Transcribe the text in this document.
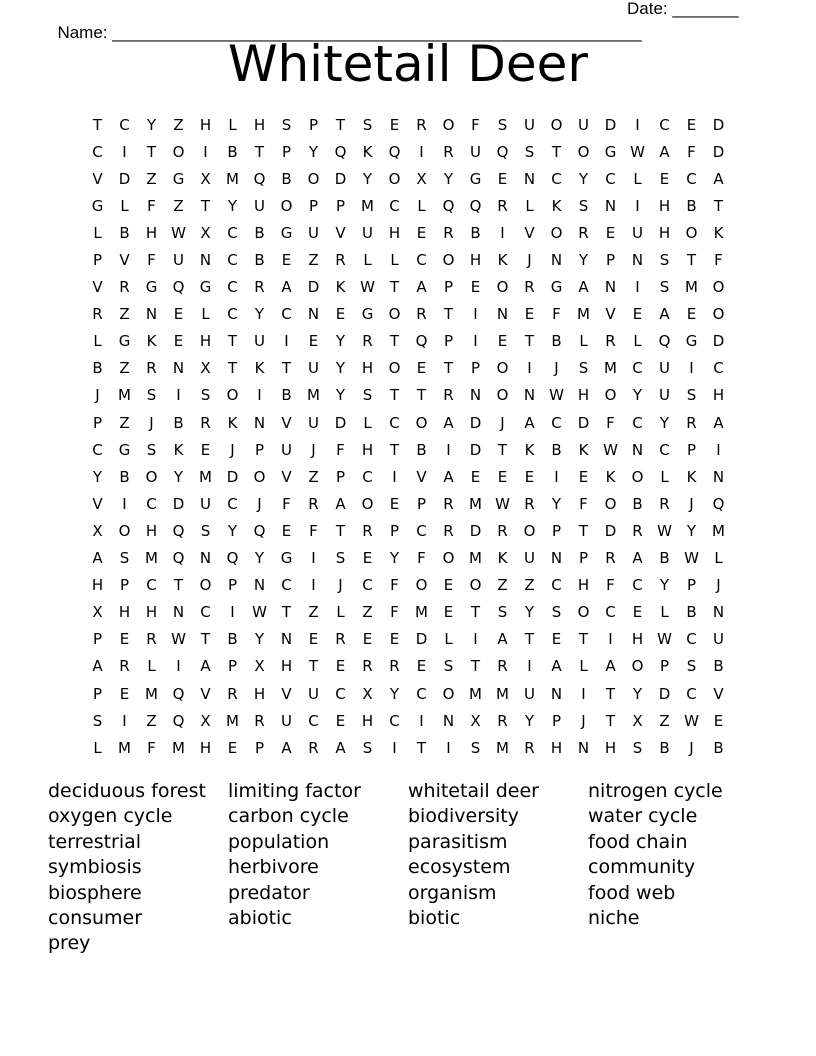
Name: ________________________________________________________

Date: _______

Whitetail Deer
T	C	Y	Z	H	L	H	S	P	T	S	E	R	O	F	S	U	O	U	D	I	C	E	D
C	I	T	O	I	B	T	P	Y	Q	K	Q	I	R	U	Q	S	T	O	G W A	F	D
V	D	Z	G	X	M Q	B	O	D	Y	O	X	Y	G	E	N	C	Y	C	L	E	C	A
G	L	F	Z	T	Y	U	O	P	P	M	C	L	Q	Q	R	L	K	S	N	I	H	B	T
L	B	H W X	C	B	G	U	V	U	H	E	R	B	I	V	O	R	E	U	H	O	K
P	V	F	U	N	C	B	E	Z	R	L	L	C	O	H	K	J	N	Y	P	N	S	T	F
V	R	G	Q	G	C	R	A	D	K W T	A	P	E	O	R	G	A	N	I	S	M O
R	Z	N	E	L	C	Y	C	N	E	G	O	R	T	I	N	E	F	M	V	E	A	E	O
L	G	K	E	H	T	U	I	E	Y	R	T	Q	P	I	E	T	B	L	R	L	Q	G	D
B	Z	R	N	X	T	K	T	U	Y	H	O	E	T	P	O	I	J	S	M	C	U	I	C
J	M	S	I	S	O	I	B	M	Y	S	T	T	R	N	O	N W H	O	Y	U	S	H
P	Z	J	B	R	K	N	V	U	D	L	C	O	A	D	J	A	C	D	F	C	Y	R	A
C	G	S	K	E	J	P	U	J	F	H	T	B	I	D	T	K	B	K W N	C	P	I
Y	B	O	Y	M D	O	V	Z	P	C	I	V	A	E	E	E	I	E	K	O	L	K	N
V	I	C	D	U	C	J	F	R	A	O	E	P	R	M W R	Y	F	O	B	R	J	Q
X	O	H	Q	S	Y	Q	E	F	T	R	P	C	R	D	R	O	P	T	D	R W Y	M
A	S	M Q	N	Q	Y	G	I	S	E	Y	F	O M	K	U	N	P	R	A	B W	L
H	P	C	T	O	P	N	C	I	J	C	F	O	E	O	Z	Z	C	H	F	C	Y	P	J
X	H	H	N	C	I	W T	Z	L	Z	F	M	E	T	S	Y	S	O	C	E	L	B	N
P	E	R W T	B	Y	N	E	R	E	E	D	L	I	A	T	E	T	I	H W C	U
A	R	L	I	A	P	X	H	T	E	R	R	E	S	T	R	I	A	L	A	O	P	S	B
P	E	M Q	V	R	H	V	U	C	X	Y	C	O M M	U	N	I	T	Y	D	C	V
S	I	Z	Q	X	M	R	U	C	E	H	C	I	N	X	R	Y	P	J	T	X	Z W E
L	M	F	M H	E	P	A	R	A	S	I	T	I	S	M	R	H	N	H	S	B	J	B
deciduous forest	limiting factor	whitetail deer	nitrogen cycle
oxygen cycle	carbon cycle	biodiversity	water cycle
terrestrial	population	parasitism	food chain
symbiosis	herbivore	ecosystem	community
biosphere	predator	organism	food web
consumer	abiotic	biotic	niche
prey
